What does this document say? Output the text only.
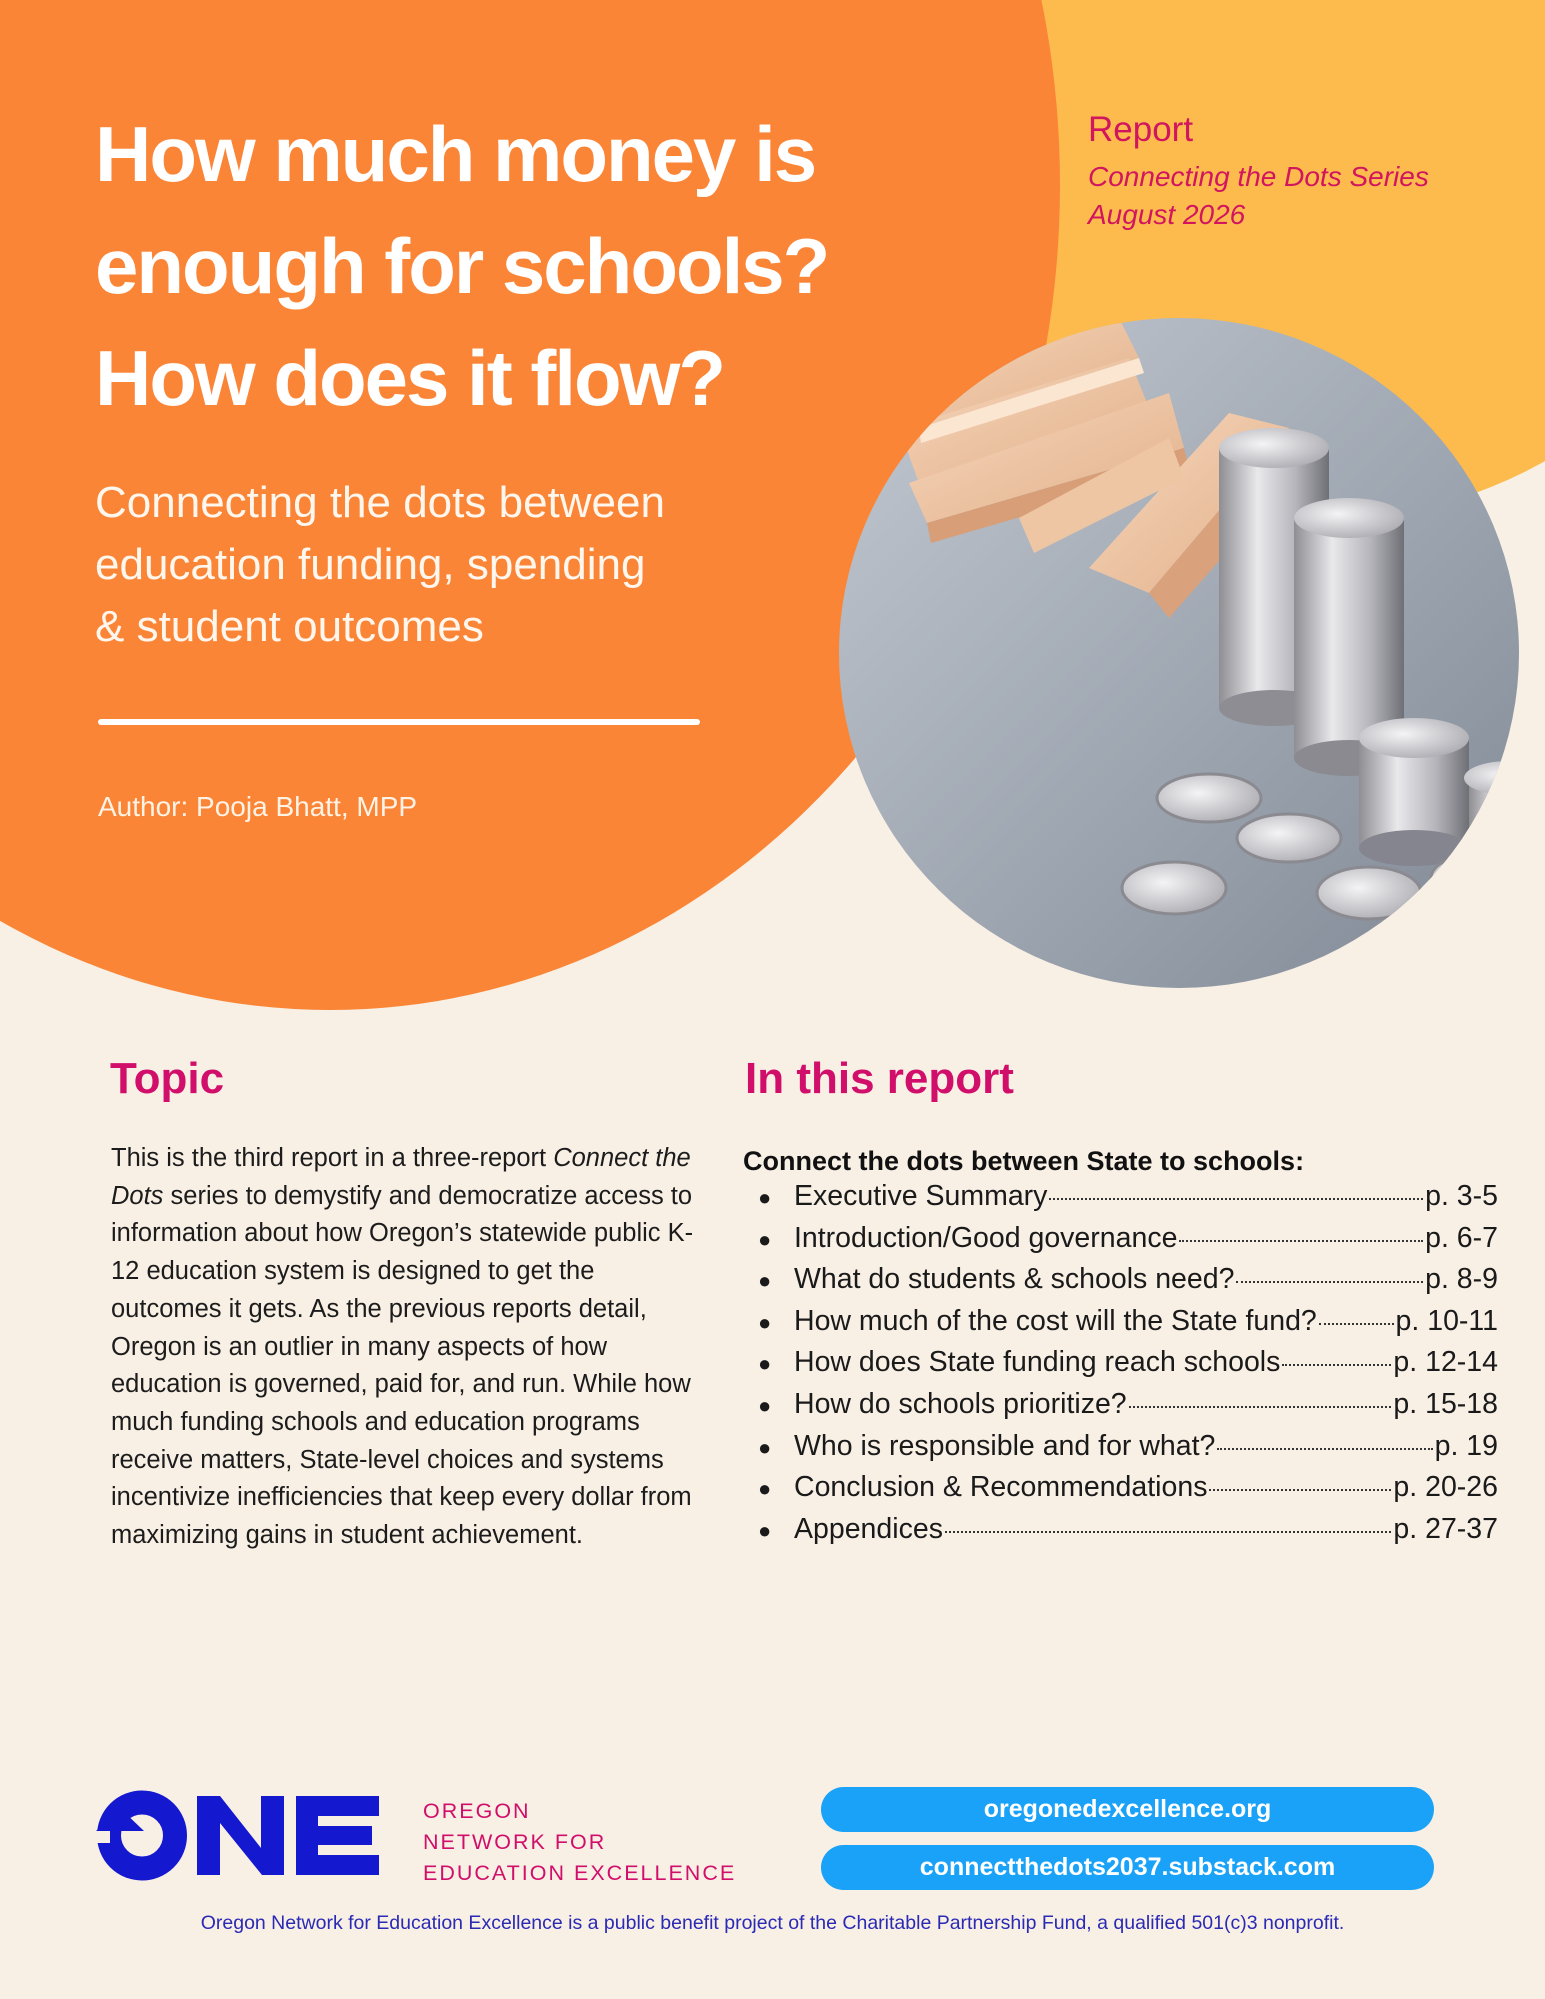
How much money is
enough for schools?
How does it flow?

Connecting the dots between
education funding, spending
& student outcomes

Author: Pooja Bhatt, MPP
Report
Connecting the Dots Series
August 2026
Topic

This is the third report in a three-report Connect the Dots series to demystify and democratize access to information about how Oregon’s statewide public K-12 education system is designed to get the outcomes it gets. As the previous reports detail, Oregon is an outlier in many aspects of how education is governed, paid for, and run. While how much funding schools and education programs receive matters, State-level choices and systems incentivize inefficiencies that keep every dollar from maximizing gains in student achievement.

In this report
Connect the dots between State to schools:
● Executive Summary	p. 3-5
● Introduction/Good governance	p. 6-7
● What do students & schools need?	p. 8-9
● How much of the cost will the State fund?	p. 10-11
● How does State funding reach schools	p. 12-14
● How do schools prioritize?	p. 15-18
● Who is responsible and for what?	p. 19
● Conclusion & Recommendations	p. 20-26
● Appendices	p. 27-37
OREGON
NETWORK FOR
EDUCATION EXCELLENCE
oregonedexcellence.org
connectthedots2037.substack.com
Oregon Network for Education Excellence is a public benefit project of the Charitable Partnership Fund, a qualified 501(c)3 nonprofit.
